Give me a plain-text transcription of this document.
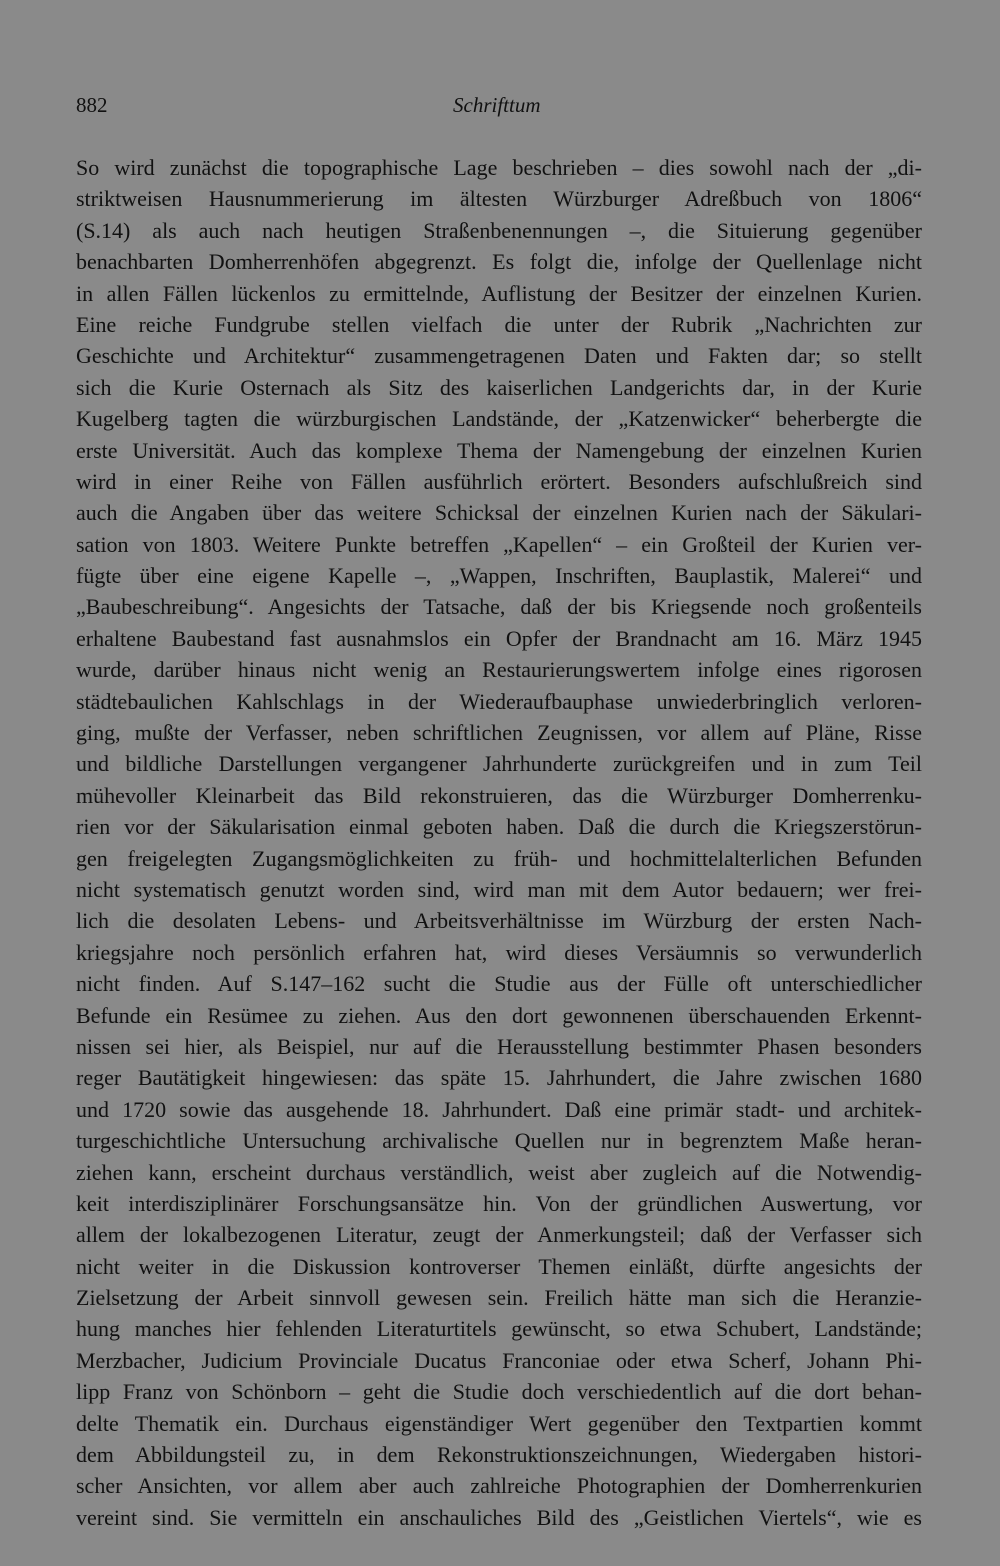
882	Schrifttum
So wird zunächst die topographische Lage beschrieben – dies sowohl nach der „di-
striktweisen Hausnummerierung im ältesten Würzburger Adreßbuch von 1806“
(S.14) als auch nach heutigen Straßenbenennungen –, die Situierung gegenüber
benachbarten Domherrenhöfen abgegrenzt. Es folgt die, infolge der Quellenlage nicht
in allen Fällen lückenlos zu ermittelnde, Auflistung der Besitzer der einzelnen Kurien.
Eine reiche Fundgrube stellen vielfach die unter der Rubrik „Nachrichten zur
Geschichte und Architektur“ zusammengetragenen Daten und Fakten dar; so stellt
sich die Kurie Osternach als Sitz des kaiserlichen Landgerichts dar, in der Kurie
Kugelberg tagten die würzburgischen Landstände, der „Katzenwicker“ beherbergte die
erste Universität. Auch das komplexe Thema der Namengebung der einzelnen Kurien
wird in einer Reihe von Fällen ausführlich erörtert. Besonders aufschlußreich sind
auch die Angaben über das weitere Schicksal der einzelnen Kurien nach der Säkulari-
sation von 1803. Weitere Punkte betreffen „Kapellen“ – ein Großteil der Kurien ver-
fügte über eine eigene Kapelle –, „Wappen, Inschriften, Bauplastik, Malerei“ und
„Baubeschreibung“. Angesichts der Tatsache, daß der bis Kriegsende noch großenteils
erhaltene Baubestand fast ausnahmslos ein Opfer der Brandnacht am 16. März 1945
wurde, darüber hinaus nicht wenig an Restaurierungswertem infolge eines rigorosen
städtebaulichen Kahlschlags in der Wiederaufbauphase unwiederbringlich verloren-
ging, mußte der Verfasser, neben schriftlichen Zeugnissen, vor allem auf Pläne, Risse
und bildliche Darstellungen vergangener Jahrhunderte zurückgreifen und in zum Teil
mühevoller Kleinarbeit das Bild rekonstruieren, das die Würzburger Domherrenku-
rien vor der Säkularisation einmal geboten haben. Daß die durch die Kriegszerstörun-
gen freigelegten Zugangsmöglichkeiten zu früh- und hochmittelalterlichen Befunden
nicht systematisch genutzt worden sind, wird man mit dem Autor bedauern; wer frei-
lich die desolaten Lebens- und Arbeitsverhältnisse im Würzburg der ersten Nach-
kriegsjahre noch persönlich erfahren hat, wird dieses Versäumnis so verwunderlich
nicht finden. Auf S.147–162 sucht die Studie aus der Fülle oft unterschiedlicher
Befunde ein Resümee zu ziehen. Aus den dort gewonnenen überschauenden Erkennt-
nissen sei hier, als Beispiel, nur auf die Herausstellung bestimmter Phasen besonders
reger Bautätigkeit hingewiesen: das späte 15. Jahrhundert, die Jahre zwischen 1680
und 1720 sowie das ausgehende 18. Jahrhundert. Daß eine primär stadt- und architek-
turgeschichtliche Untersuchung archivalische Quellen nur in begrenztem Maße heran-
ziehen kann, erscheint durchaus verständlich, weist aber zugleich auf die Notwendig-
keit interdisziplinärer Forschungsansätze hin. Von der gründlichen Auswertung, vor
allem der lokalbezogenen Literatur, zeugt der Anmerkungsteil; daß der Verfasser sich
nicht weiter in die Diskussion kontroverser Themen einläßt, dürfte angesichts der
Zielsetzung der Arbeit sinnvoll gewesen sein. Freilich hätte man sich die Heranzie-
hung manches hier fehlenden Literaturtitels gewünscht, so etwa Schubert, Landstände;
Merzbacher, Judicium Provinciale Ducatus Franconiae oder etwa Scherf, Johann Phi-
lipp Franz von Schönborn – geht die Studie doch verschiedentlich auf die dort behan-
delte Thematik ein. Durchaus eigenständiger Wert gegenüber den Textpartien kommt
dem Abbildungsteil zu, in dem Rekonstruktionszeichnungen, Wiedergaben histori-
scher Ansichten, vor allem aber auch zahlreiche Photographien der Domherrenkurien
vereint sind. Sie vermitteln ein anschauliches Bild des „Geistlichen Viertels“, wie es
